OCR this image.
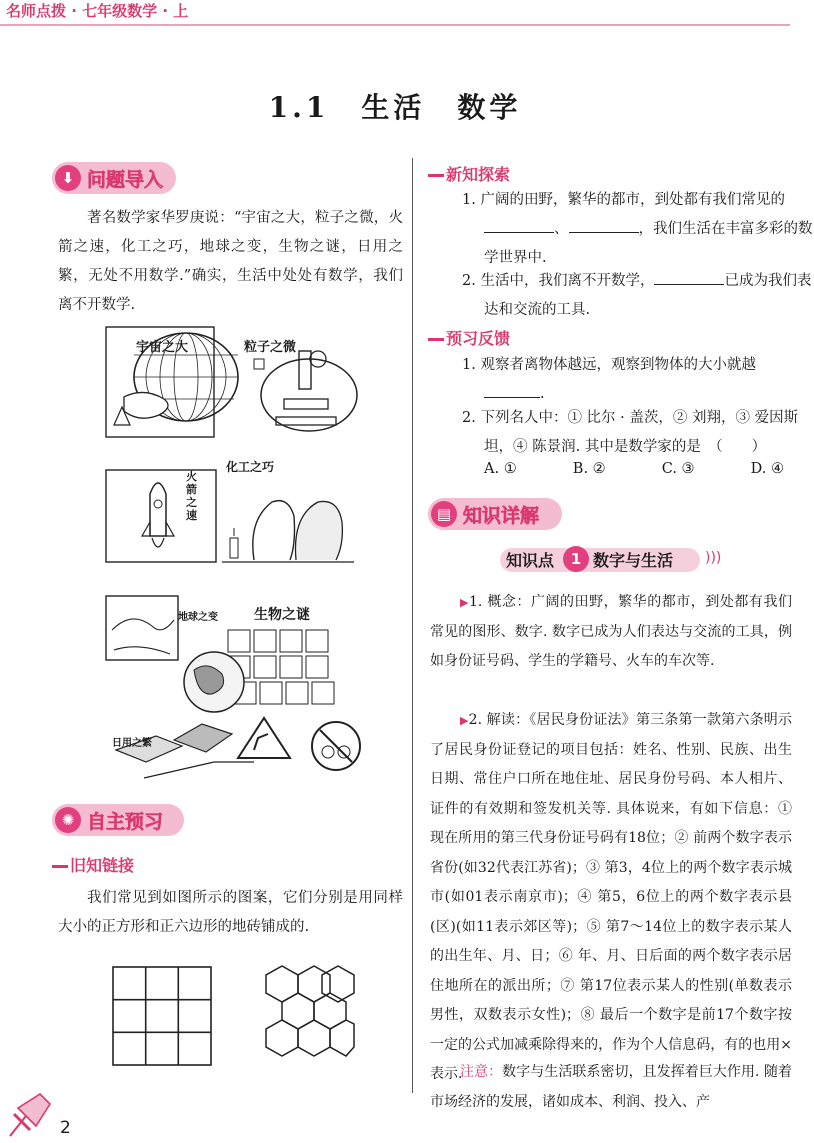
名师点拨 · 七年级数学 · 上
1.1　生活　数学
⬇ 问题导入
著名数学家华罗庚说：“宇宙之大，粒子之微，火箭之速，化工之巧，地球之变，生物之谜，日用之繁，无处不用数学.”确实，生活中处处有数学，我们离不开数学.
宇宙之大	粒子之微
火箭之速
化工之巧
地球之变	生物之谜
日用之繁
✺ 自主预习
旧知链接
我们常见到如图所示的图案，它们分别是用同样大小的正方形和正六边形的地砖铺成的.
2
新知探索
1. 广阔的田野，繁华的都市，到处都有我们常见的、	，我们生活在丰富多彩的数学世界中.
2. 生活中，我们离不开数学，	已成为我们表达和交流的工具.
预习反馈
1. 观察者离物体越远，观察到物体的大小就越
.
2. 下列名人中：① 比尔 · 盖茨，② 刘翔，③ 爱因斯坦，④ 陈景润. 其中是数学家的是　 （　　）
A. ①	B. ②	C. ③	D. ④
▤ 知识详解
知识点	1 数字与生活 )))
▶1. 概念：广阔的田野，繁华的都市，到处都有我们常见的图形、数字. 数字已成为人们表达与交流的工具，例如身份证号码、学生的学籍号、火车的车次等.
▶2. 解读：《居民身份证法》第三条第一款第六条明示了居民身份证登记的项目包括：姓名、性别、民族、出生日期、常住户口所在地住址、居民身份号码、本人相片、证件的有效期和签发机关等. 具体说来，有如下信息：① 现在所用的第三代身份证号码有18位；② 前两个数字表示省份(如32代表江苏省)；③ 第3，4位上的两个数字表示城市(如01表示南京市)；④ 第5，6位上的两个数字表示县(区)(如11表示郊区等)；⑤ 第7～14位上的数字表示某人的出生年、月、日；⑥ 年、月、日后面的两个数字表示居住地所在的派出所；⑦ 第17位表示某人的性别(单数表示男性，双数表示女性)；⑧ 最后一个数字是前17个数字按一定的公式加减乘除得来的，作为个人信息码，有的也用×表示.
注意：数字与生活联系密切，且发挥着巨大作用. 随着市场经济的发展，诸如成本、利润、投入、产
